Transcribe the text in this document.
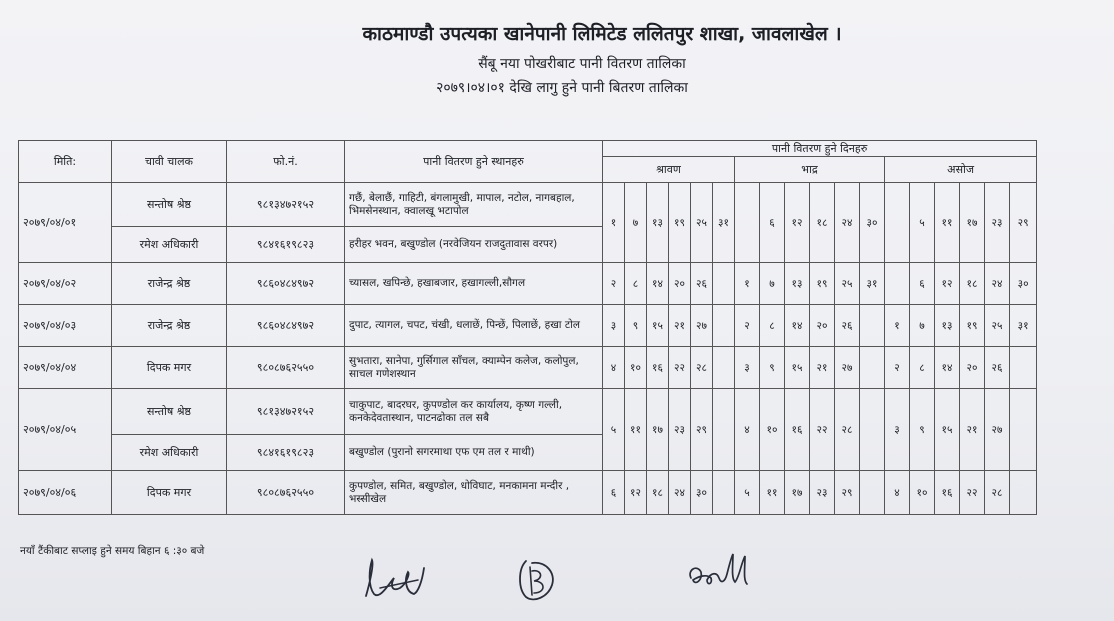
काठमाण्डौ उपत्यका खानेपानी लिमिटेड ललितपुर शाखा, जावलाखेल ।
सैंबू नया पोखरीबाट पानी वितरण तालिका
२०७९।०४।०१ देखि लागु हुने पानी बितरण तालिका
मिति:	चावी चालक	फो.नं.	पानी वितरण हुने स्थानहरु	पानी वितरण हुने दिनहरु																	
				श्रावण						भाद्र						असोज					
२०७९/०४/०१	सन्तोष श्रेष्ठ	९८१३४७२१५२	गछैं, बेलाछैं, गाहिटी, बंगलामुखी, मापाल, नटोल, नागबहाल, भिमसेनस्थान, क्वालखू भटापोल	१	७	१३	१९	२५	३१		६	१२	१८	२४	३०		५	११	१७	२३	२९
	रमेश अधिकारी	९८४१६१९८२३	हरीहर भवन, बखुण्डोल (नरवेजियन राजदुतावास वरपर)																		
२०७९/०४/०२	राजेन्द्र श्रेष्ठ	९८६०४८४९७२	च्यासल, खपिन्छे, हखाबजार, हखागल्ली,सौगल	२	८	१४	२०	२६		१	७	१३	१९	२५	३१		६	१२	१८	२४	३०
२०७९/०४/०३	राजेन्द्र श्रेष्ठ	९८६०४८४९७२	दुपाट, त्यागल, चपट, चंखी, धलाछें, पिन्छें, पिलाछें, हखा टोल	३	९	१५	२१	२७		२	८	१४	२०	२६		१	७	१३	१९	२५	३१
२०७९/०४/०४	दिपक मगर	९८०८७६२५५०	सुभतारा, सानेपा, गुर्सिगाल साँचल, क्याम्पेन कलेज, कलोपुल, साचल गणेशस्थान	४	१०	१६	२२	२८		३	९	१५	२१	२७		२	८	१४	२०	२६	
२०७९/०४/०५	सन्तोष श्रेष्ठ	९८१३४७२१५२	चाकुपाट, बादरघर, कुपण्डोल कर कार्यालय, कृष्ण गल्ली, कनकेदेवतास्थान, पाटनढोका तल सबै	५	११	१७	२३	२९		४	१०	१६	२२	२८		३	९	१५	२१	२७	
	रमेश अधिकारी	९८४१६१९८२३	बखुण्डोल (पुरानो सगरमाथा एफ एम तल र माथी)																		
२०७९/०४/०६	दिपक मगर	९८०८७६२५५०	कुपण्डोल, समित, बखुण्डोल, धोविघाट, मनकामना मन्दीर , भस्सीखेल	६	१२	१८	२४	३०		५	११	१७	२३	२९		४	१०	१६	२२	२८	
नयाँ टैंकीबाट सप्लाइ हुने समय बिहान ६ :३० बजे
